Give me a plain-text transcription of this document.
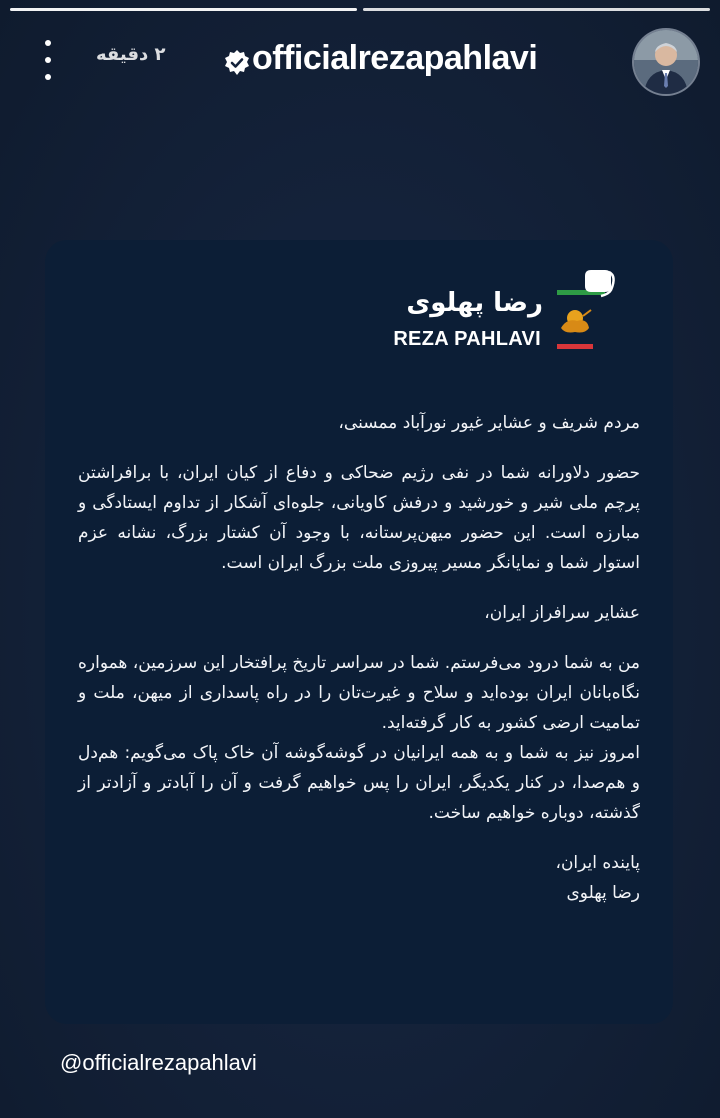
۲ دقیقه	officialrezapahlavi
رضا پهلوی
REZA PAHLAVI

مردم شریف و عشایر غیور نورآباد ممسنی،

حضور دلاورانه شما در نفی رژیم ضحاکی و دفاع از کیان ایران، با برافراشتن پرچم ملی شیر و خورشید و درفش کاویانی، جلوه‌ای آشکار از تداوم ایستادگی و مبارزه است. این حضور میهن‌پرستانه، با وجود آن کشتار بزرگ، نشانه عزم استوار شما و نمایانگر مسیر پیروزی ملت بزرگ ایران است.

عشایر سرافراز ایران،

من به شما درود می‌فرستم. شما در سراسر تاریخ پرافتخار این سرزمین، همواره نگاه‌بانان ایران بوده‌اید و سلاح و غیرت‌تان را در راه پاسداری از میهن، ملت و تمامیت ارضی کشور به کار گرفته‌اید.

امروز نیز به شما و به همه ایرانیان در گوشه‌گوشه آن خاک پاک می‌گویم: هم‌دل و هم‌صدا، در کنار یکدیگر، ایران را پس خواهیم گرفت و آن را آبادتر و آزادتر از گذشته، دوباره خواهیم ساخت.

پاینده ایران،

رضا پهلوی

@officialrezapahlavi
